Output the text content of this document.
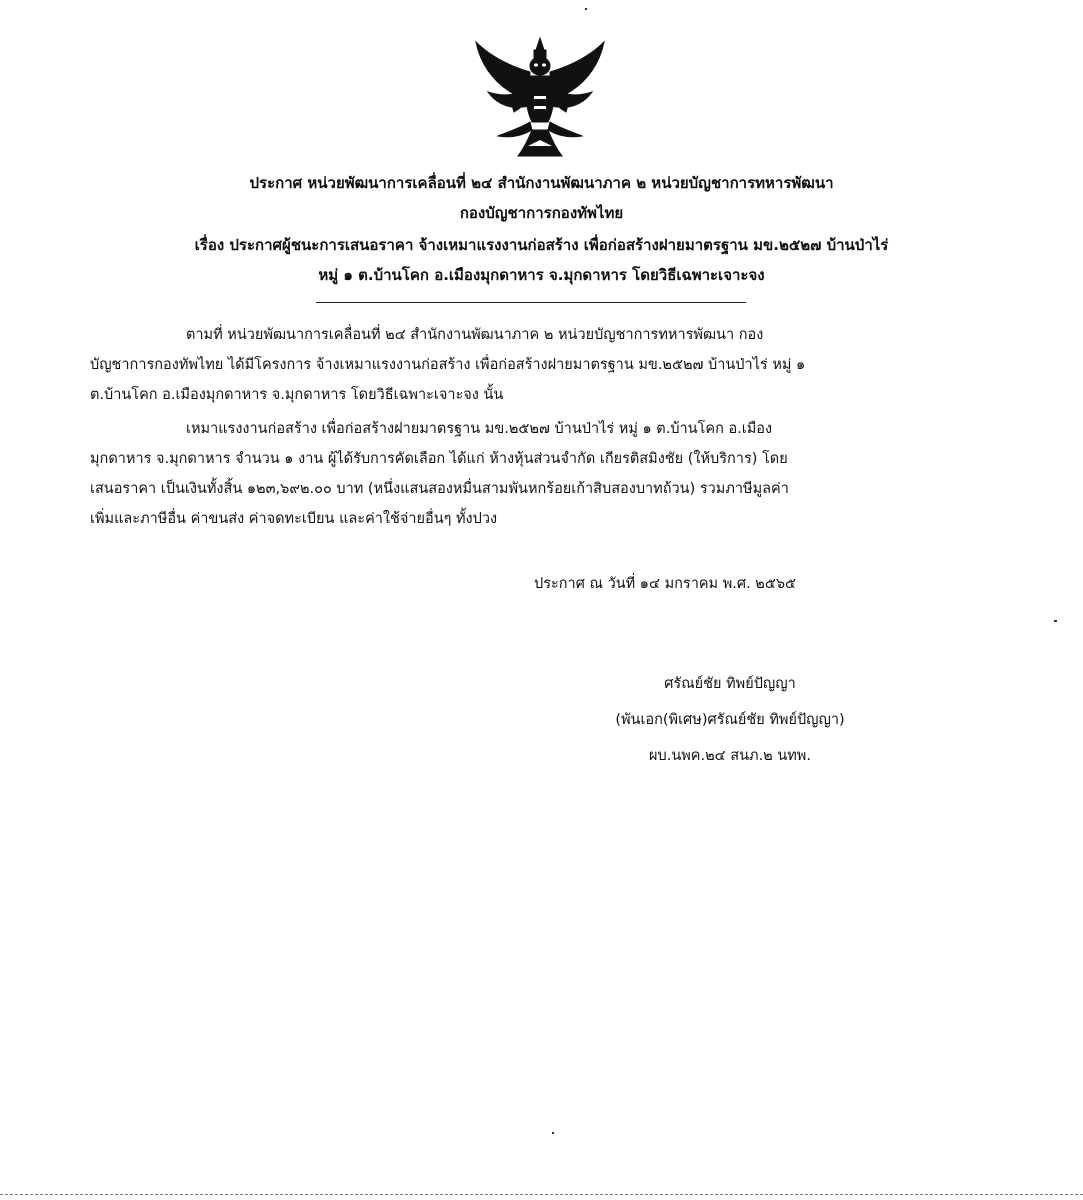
ประกาศ หน่วยพัฒนาการเคลื่อนที่ ๒๔ สำนักงานพัฒนาภาค ๒ หน่วยบัญชาการทหารพัฒนา
กองบัญชาการกองทัพไทย
เรื่อง ประกาศผู้ชนะการเสนอราคา จ้างเหมาแรงงานก่อสร้าง เพื่อก่อสร้างฝายมาตรฐาน มข.๒๕๒๗ บ้านป่าไร่
หมู่ ๑ ต.บ้านโคก อ.เมืองมุกดาหาร จ.มุกดาหาร โดยวิธีเฉพาะเจาะจง
ตามที่ หน่วยพัฒนาการเคลื่อนที่ ๒๔ สำนักงานพัฒนาภาค ๒ หน่วยบัญชาการทหารพัฒนา กอง
บัญชาการกองทัพไทย ได้มีโครงการ จ้างเหมาแรงงานก่อสร้าง เพื่อก่อสร้างฝายมาตรฐาน มข.๒๕๒๗ บ้านป่าไร่ หมู่ ๑
ต.บ้านโคก อ.เมืองมุกดาหาร จ.มุกดาหาร โดยวิธีเฉพาะเจาะจง นั้น
เหมาแรงงานก่อสร้าง เพื่อก่อสร้างฝายมาตรฐาน มข.๒๕๒๗ บ้านป่าไร่ หมู่ ๑ ต.บ้านโคก อ.เมือง
มุกดาหาร จ.มุกดาหาร จำนวน ๑ งาน ผู้ได้รับการคัดเลือก ได้แก่ ห้างหุ้นส่วนจำกัด เกียรติสมิงชัย (ให้บริการ) โดย
เสนอราคา เป็นเงินทั้งสิ้น ๑๒๓,๖๙๒.๐๐ บาท (หนึ่งแสนสองหมื่นสามพันหกร้อยเก้าสิบสองบาทถ้วน) รวมภาษีมูลค่า
เพิ่มและภาษีอื่น ค่าขนส่ง ค่าจดทะเบียน และค่าใช้จ่ายอื่นๆ ทั้งปวง
ประกาศ ณ วันที่ ๑๔ มกราคม พ.ศ. ๒๕๖๕
ศรัณย์ชัย ทิพย์ปัญญา
(พันเอก(พิเศษ)ศรัณย์ชัย ทิพย์ปัญญา)
ผบ.นพค.๒๔ สนภ.๒ นทพ.
